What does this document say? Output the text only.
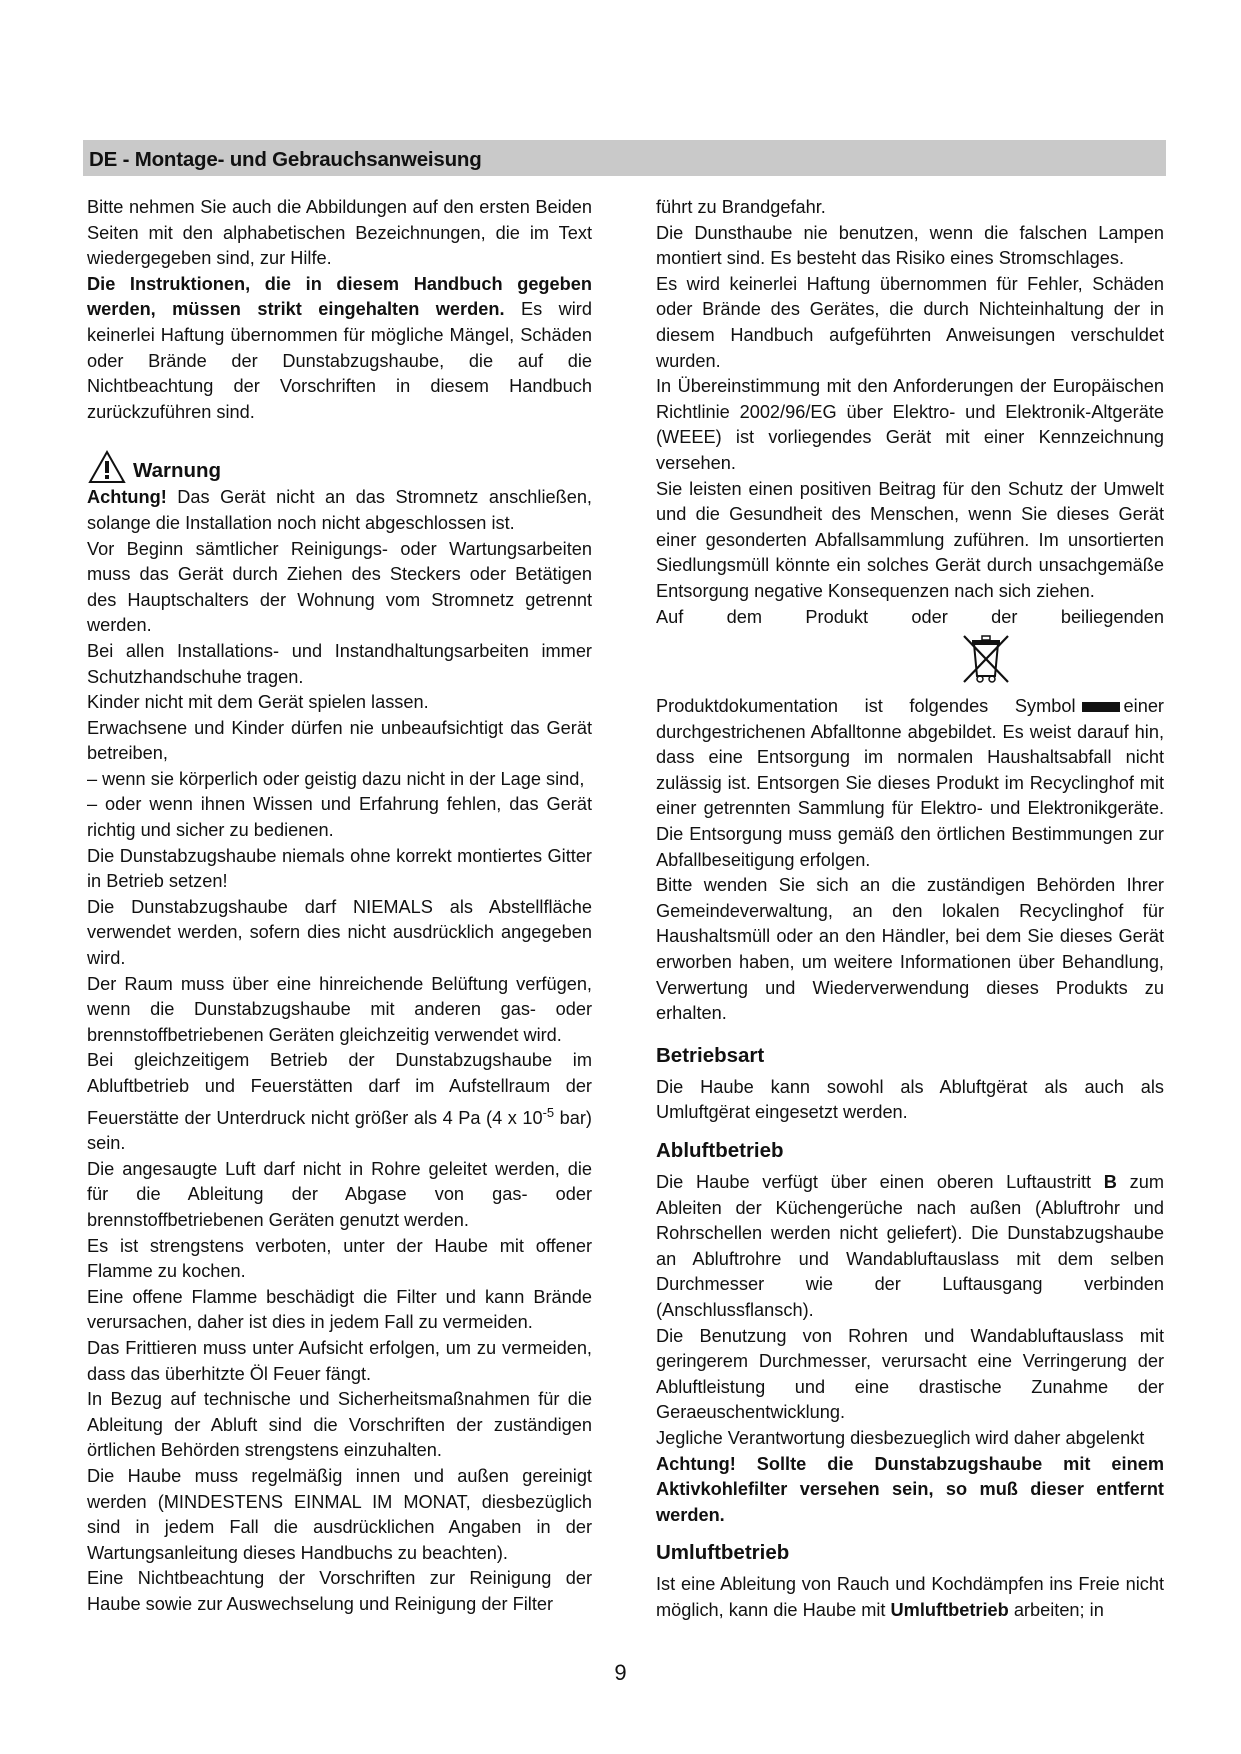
DE - Montage- und Gebrauchsanweisung

Bitte nehmen Sie auch die Abbildungen auf den ersten Beiden Seiten mit den alphabetischen Bezeichnungen, die im Text wiedergegeben sind, zur Hilfe.

Die Instruktionen, die in diesem Handbuch gegeben werden, müssen strikt eingehalten werden. Es wird keinerlei Haftung übernommen für mögliche Mängel, Schäden oder Brände der Dunstabzugshaube, die auf die Nichtbeachtung der Vorschriften in diesem Handbuch zurückzuführen sind.

Warnung

Achtung! Das Gerät nicht an das Stromnetz anschließen, solange die Installation noch nicht abgeschlossen ist.

Vor Beginn sämtlicher Reinigungs- oder Wartungsarbeiten muss das Gerät durch Ziehen des Steckers oder Betätigen des Hauptschalters der Wohnung vom Stromnetz getrennt werden.

Bei allen Installations- und Instandhaltungsarbeiten immer Schutzhandschuhe tragen.

Kinder nicht mit dem Gerät spielen lassen.

Erwachsene und Kinder dürfen nie unbeaufsichtigt das Gerät betreiben,

– wenn sie körperlich oder geistig dazu nicht in der Lage sind,

– oder wenn ihnen Wissen und Erfahrung fehlen, das Gerät richtig und sicher zu bedienen.

Die Dunstabzugshaube niemals ohne korrekt montiertes Gitter in Betrieb setzen!

Die Dunstabzugshaube darf NIEMALS als Abstellfläche verwendet werden, sofern dies nicht ausdrücklich angegeben wird.

Der Raum muss über eine hinreichende Belüftung verfügen, wenn die Dunstabzugshaube mit anderen gas- oder brennstoffbetriebenen Geräten gleichzeitig verwendet wird.

Bei gleichzeitigem Betrieb der Dunstabzugshaube im Abluftbetrieb und Feuerstätten darf im Aufstellraum der Feuerstätte der Unterdruck nicht größer als 4 Pa (4 x $10^{-5}$ bar) sein.

Die angesaugte Luft darf nicht in Rohre geleitet werden, die für die Ableitung der Abgase von gas- oder brennstoffbetriebenen Geräten genutzt werden.

Es ist strengstens verboten, unter der Haube mit offener Flamme zu kochen.

Eine offene Flamme beschädigt die Filter und kann Brände verursachen, daher ist dies in jedem Fall zu vermeiden.

Das Frittieren muss unter Aufsicht erfolgen, um zu vermeiden, dass das überhitzte Öl Feuer fängt.

In Bezug auf technische und Sicherheitsmaßnahmen für die Ableitung der Abluft sind die Vorschriften der zuständigen örtlichen Behörden strengstens einzuhalten.

Die Haube muss regelmäßig innen und außen gereinigt werden (MINDESTENS EINMAL IM MONAT, diesbezüglich sind in jedem Fall die ausdrücklichen Angaben in der Wartungsanleitung dieses Handbuchs zu beachten).

Eine Nichtbeachtung der Vorschriften zur Reinigung der Haube sowie zur Auswechselung und Reinigung der Filter

führt zu Brandgefahr.

Die Dunsthaube nie benutzen, wenn die falschen Lampen montiert sind. Es besteht das Risiko eines Stromschlages.

Es wird keinerlei Haftung übernommen für Fehler, Schäden oder Brände des Gerätes, die durch Nichteinhaltung der in diesem Handbuch aufgeführten Anweisungen verschuldet wurden.

In Übereinstimmung mit den Anforderungen der Europäischen Richtlinie 2002/96/EG über Elektro- und Elektronik-Altgeräte (WEEE) ist vorliegendes Gerät mit einer Kennzeichnung versehen.

Sie leisten einen positiven Beitrag für den Schutz der Umwelt und die Gesundheit des Menschen, wenn Sie dieses Gerät einer gesonderten Abfallsammlung zuführen. Im unsortierten Siedlungsmüll könnte ein solches Gerät durch unsachgemäße Entsorgung negative Konsequenzen nach sich ziehen.

Auf dem Produkt oder der beiliegenden

Produktdokumentation ist folgendes Symbol	einer durchgestrichenen Abfalltonne abgebildet. Es weist darauf hin, dass eine Entsorgung im normalen Haushaltsabfall nicht zulässig ist. Entsorgen Sie dieses Produkt im Recyclinghof mit einer getrennten Sammlung für Elektro- und Elektronikgeräte. Die Entsorgung muss gemäß den örtlichen Bestimmungen zur Abfallbeseitigung erfolgen.

Bitte wenden Sie sich an die zuständigen Behörden Ihrer Gemeindeverwaltung, an den lokalen Recyclinghof für Haushaltsmüll oder an den Händler, bei dem Sie dieses Gerät erworben haben, um weitere Informationen über Behandlung, Verwertung und Wiederverwendung dieses Produkts zu erhalten.

Betriebsart

Die Haube kann sowohl als Abluftgërat als auch als Umluftgërat eingesetzt werden.

Abluftbetrieb

Die Haube verfügt über einen oberen Luftaustritt B zum Ableiten der Küchengerüche nach außen (Abluftrohr und Rohrschellen werden nicht geliefert). Die Dunstabzugshaube an Abluftrohre und Wandabluftauslass mit dem selben Durchmesser wie der Luftausgang verbinden (Anschlussflansch).

Die Benutzung von Rohren und Wandabluftauslass mit geringerem Durchmesser, verursacht eine Verringerung der Abluftleistung und eine drastische Zunahme der Geraeuschentwicklung.

Jegliche Verantwortung diesbezueglich wird daher abgelenkt

Achtung! Sollte die Dunstabzugshaube mit einem Aktivkohlefilter versehen sein, so muß dieser entfernt werden.

Umluftbetrieb

Ist eine Ableitung von Rauch und Kochdämpfen ins Freie nicht möglich, kann die Haube mit Umluftbetrieb arbeiten; in

9
